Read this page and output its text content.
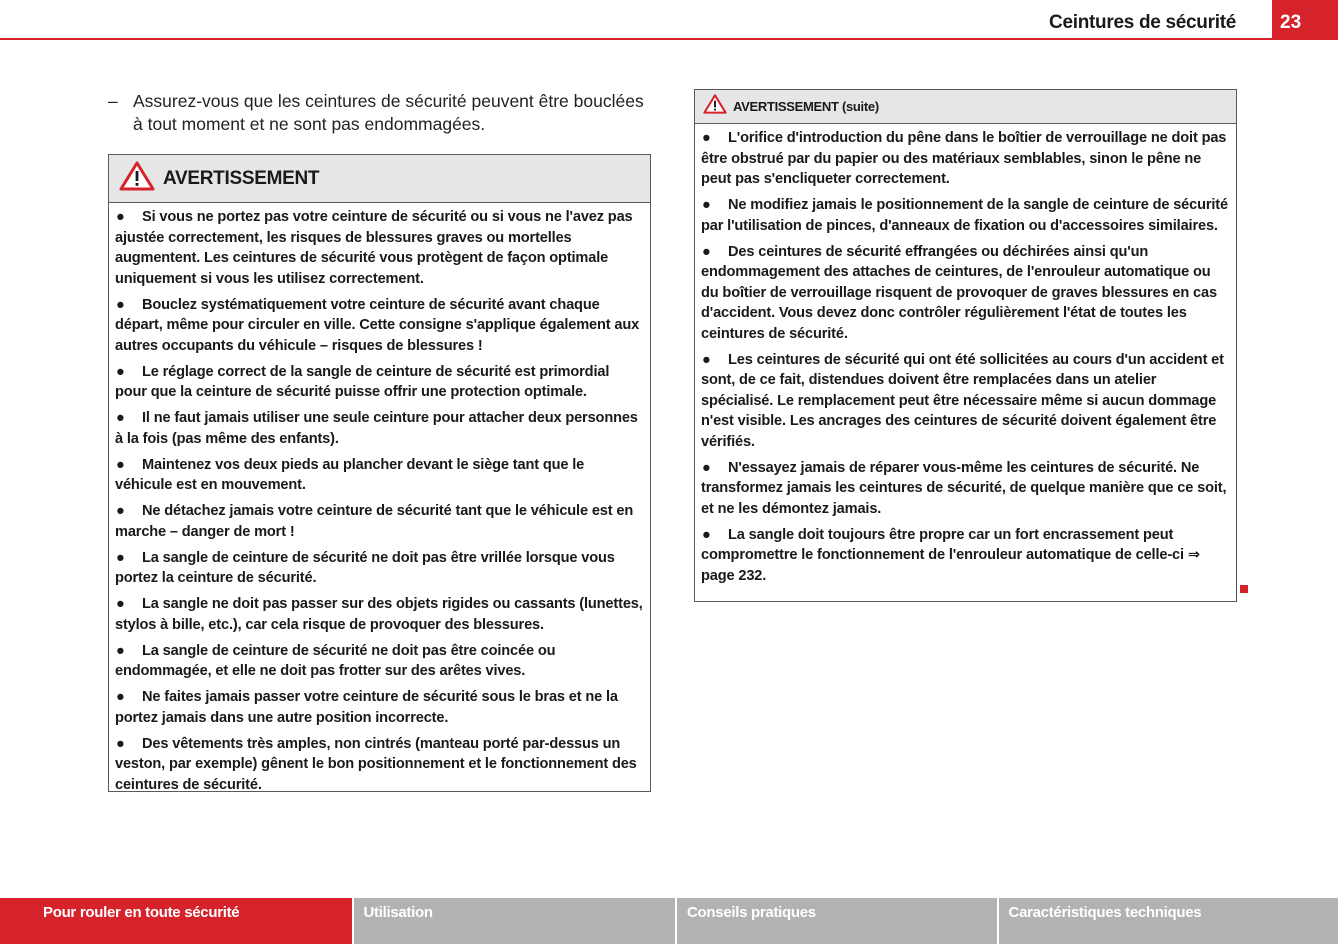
Ceintures de sécurité	23
– Assurez-vous que les ceintures de sécurité peuvent être bouclées à tout moment et ne sont pas endommagées.
AVERTISSEMENT
● Si vous ne portez pas votre ceinture de sécurité ou si vous ne l'avez pas ajustée correctement, les risques de blessures graves ou mortelles augmentent. Les ceintures de sécurité vous protègent de façon optimale uniquement si vous les utilisez correctement.
● Bouclez systématiquement votre ceinture de sécurité avant chaque départ, même pour circuler en ville. Cette consigne s'applique également aux autres occupants du véhicule – risques de blessures !
● Le réglage correct de la sangle de ceinture de sécurité est primordial pour que la ceinture de sécurité puisse offrir une protection optimale.
● Il ne faut jamais utiliser une seule ceinture pour attacher deux personnes à la fois (pas même des enfants).
● Maintenez vos deux pieds au plancher devant le siège tant que le véhicule est en mouvement.
● Ne détachez jamais votre ceinture de sécurité tant que le véhicule est en marche – danger de mort !
● La sangle de ceinture de sécurité ne doit pas être vrillée lorsque vous portez la ceinture de sécurité.
● La sangle ne doit pas passer sur des objets rigides ou cassants (lunettes, stylos à bille, etc.), car cela risque de provoquer des blessures.
● La sangle de ceinture de sécurité ne doit pas être coincée ou endommagée, et elle ne doit pas frotter sur des arêtes vives.
● Ne faites jamais passer votre ceinture de sécurité sous le bras et ne la portez jamais dans une autre position incorrecte.
● Des vêtements très amples, non cintrés (manteau porté par-dessus un veston, par exemple) gênent le bon positionnement et le fonctionnement des ceintures de sécurité.
AVERTISSEMENT (suite)
● L'orifice d'introduction du pêne dans le boîtier de verrouillage ne doit pas être obstrué par du papier ou des matériaux semblables, sinon le pêne ne peut pas s'encliqueter correctement.
● Ne modifiez jamais le positionnement de la sangle de ceinture de sécurité par l'utilisation de pinces, d'anneaux de fixation ou d'accessoires similaires.
● Des ceintures de sécurité effrangées ou déchirées ainsi qu'un endommagement des attaches de ceintures, de l'enrouleur automatique ou du boîtier de verrouillage risquent de provoquer de graves blessures en cas d'accident. Vous devez donc contrôler régulièrement l'état de toutes les ceintures de sécurité.
● Les ceintures de sécurité qui ont été sollicitées au cours d'un accident et sont, de ce fait, distendues doivent être remplacées dans un atelier spécialisé. Le remplacement peut être nécessaire même si aucun dommage n'est visible. Les ancrages des ceintures de sécurité doivent également être vérifiés.
● N'essayez jamais de réparer vous-même les ceintures de sécurité. Ne transformez jamais les ceintures de sécurité, de quelque manière que ce soit, et ne les démontez jamais.
● La sangle doit toujours être propre car un fort encrassement peut compromettre le fonctionnement de l'enrouleur automatique de celle-ci ⇒ page 232.
Pour rouler en toute sécurité	Utilisation	Conseils pratiques	Caractéristiques techniques
